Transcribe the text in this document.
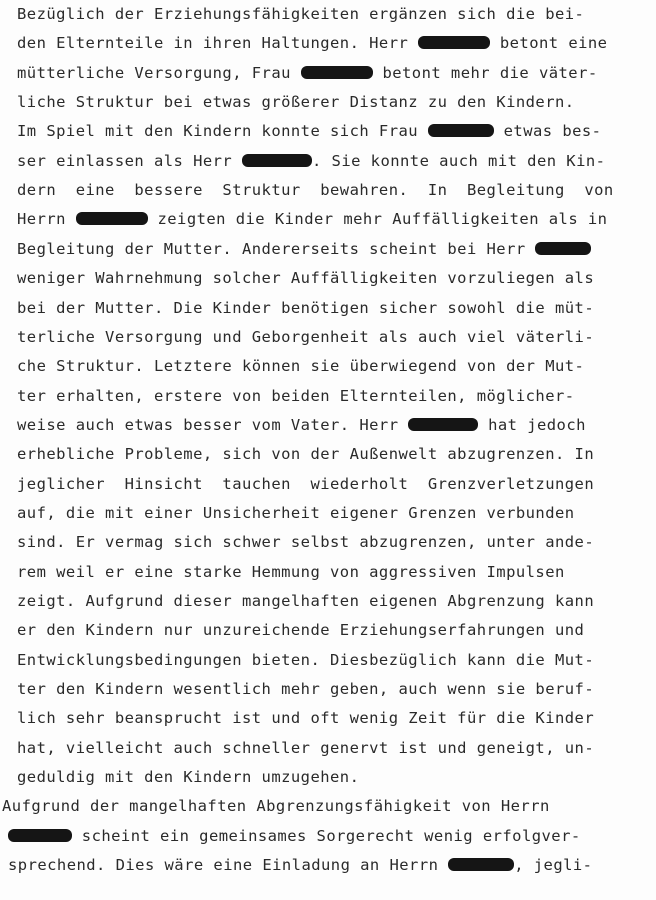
Bezüglich der Erziehungsfähigkeiten ergänzen sich die bei-
den Elternteile in ihren Haltungen. Herr	betont eine
mütterliche Versorgung, Frau	betont mehr die väter-
liche Struktur bei etwas größerer Distanz zu den Kindern.
Im Spiel mit den Kindern konnte sich Frau	etwas bes-
ser einlassen als Herr	. Sie konnte auch mit den Kin-
dern  eine  bessere  Struktur  bewahren.  In  Begleitung  von
Herrn	zeigten die Kinder mehr Auffälligkeiten als in
Begleitung der Mutter. Andererseits scheint bei Herr
weniger Wahrnehmung solcher Auffälligkeiten vorzuliegen als
bei der Mutter. Die Kinder benötigen sicher sowohl die müt-
terliche Versorgung und Geborgenheit als auch viel väterli-
che Struktur. Letztere können sie überwiegend von der Mut-
ter erhalten, erstere von beiden Elternteilen, möglicher-
weise auch etwas besser vom Vater. Herr	hat jedoch
erhebliche Probleme, sich von der Außenwelt abzugrenzen. In
jeglicher  Hinsicht  tauchen  wiederholt  Grenzverletzungen
auf, die mit einer Unsicherheit eigener Grenzen verbunden
sind. Er vermag sich schwer selbst abzugrenzen, unter ande-
rem weil er eine starke Hemmung von aggressiven Impulsen
zeigt. Aufgrund dieser mangelhaften eigenen Abgrenzung kann
er den Kindern nur unzureichende Erziehungserfahrungen und
Entwicklungsbedingungen bieten. Diesbezüglich kann die Mut-
ter den Kindern wesentlich mehr geben, auch wenn sie beruf-
lich sehr beansprucht ist und oft wenig Zeit für die Kinder
hat, vielleicht auch schneller genervt ist und geneigt, un-
geduldig mit den Kindern umzugehen.
Aufgrund der mangelhaften Abgrenzungsfähigkeit von Herrn
scheint ein gemeinsames Sorgerecht wenig erfolgver-
sprechend. Dies wäre eine Einladung an Herrn	, jegli-
